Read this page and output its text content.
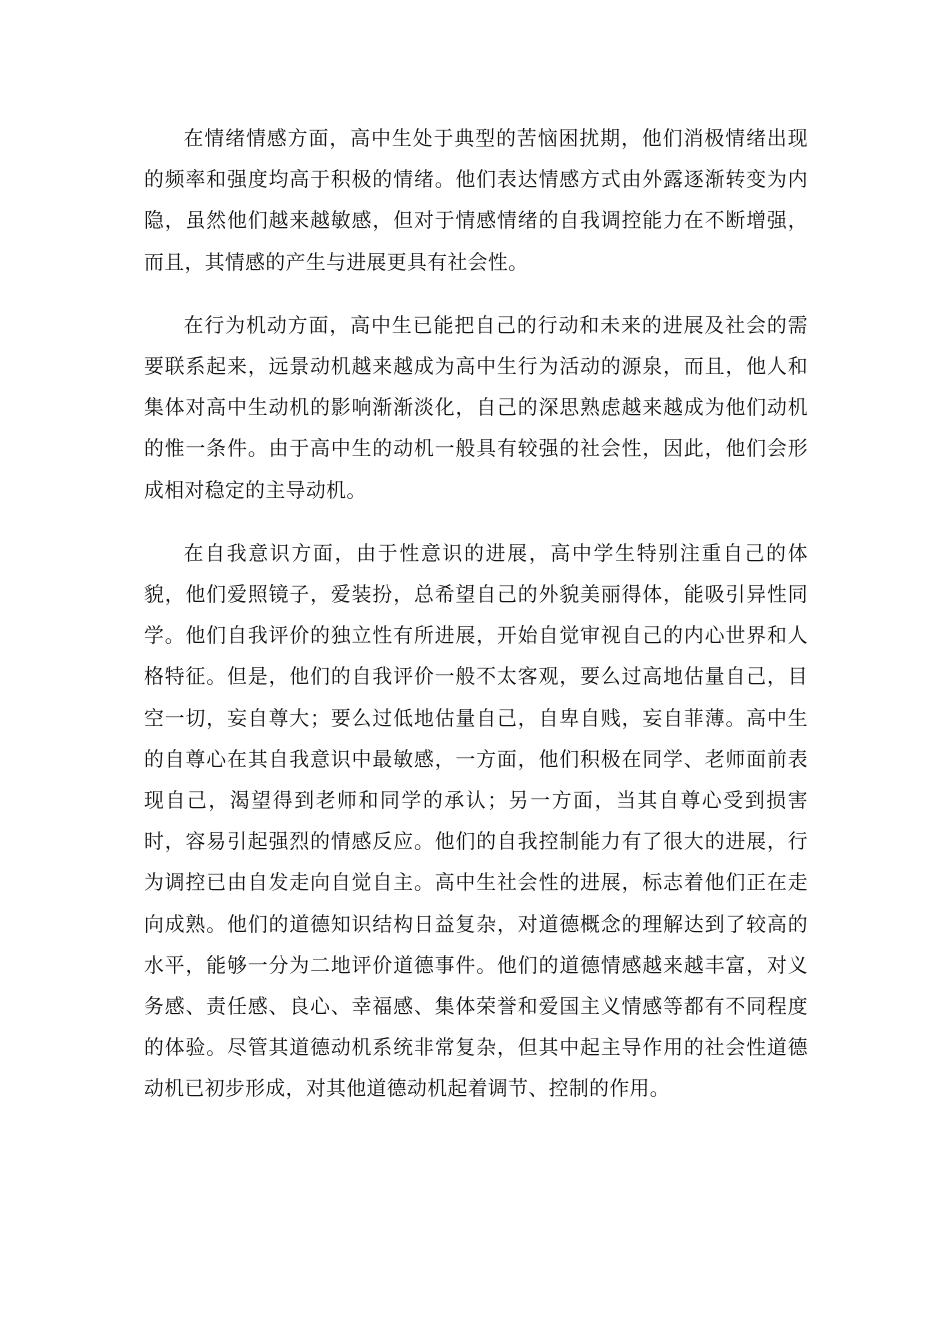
在情绪情感方面，高中生处于典型的苦恼困扰期，他们消极情绪出现的频率和强度均高于积极的情绪。他们表达情感方式由外露逐渐转变为内隐，虽然他们越来越敏感，但对于情感情绪的自我调控能力在不断增强，而且，其情感的产生与进展更具有社会性。

在行为机动方面，高中生已能把自己的行动和未来的进展及社会的需要联系起来，远景动机越来越成为高中生行为活动的源泉，而且，他人和集体对高中生动机的影响渐渐淡化，自己的深思熟虑越来越成为他们动机的惟一条件。由于高中生的动机一般具有较强的社会性，因此，他们会形成相对稳定的主导动机。

在自我意识方面，由于性意识的进展，高中学生特别注重自己的体貌，他们爱照镜子，爱装扮，总希望自己的外貌美丽得体，能吸引异性同学。他们自我评价的独立性有所进展，开始自觉审视自己的内心世界和人格特征。但是，他们的自我评价一般不太客观，要么过高地估量自己，目空一切，妄自尊大；要么过低地估量自己，自卑自贱，妄自菲薄。高中生的自尊心在其自我意识中最敏感，一方面，他们积极在同学、老师面前表现自己，渴望得到老师和同学的承认；另一方面，当其自尊心受到损害时，容易引起强烈的情感反应。他们的自我控制能力有了很大的进展，行为调控已由自发走向自觉自主。高中生社会性的进展，标志着他们正在走向成熟。他们的道德知识结构日益复杂，对道德概念的理解达到了较高的水平，能够一分为二地评价道德事件。他们的道德情感越来越丰富，对义务感、责任感、良心、幸福感、集体荣誉和爱国主义情感等都有不同程度的体验。尽管其道德动机系统非常复杂，但其中起主导作用的社会性道德动机已初步形成，对其他道德动机起着调节、控制的作用。
